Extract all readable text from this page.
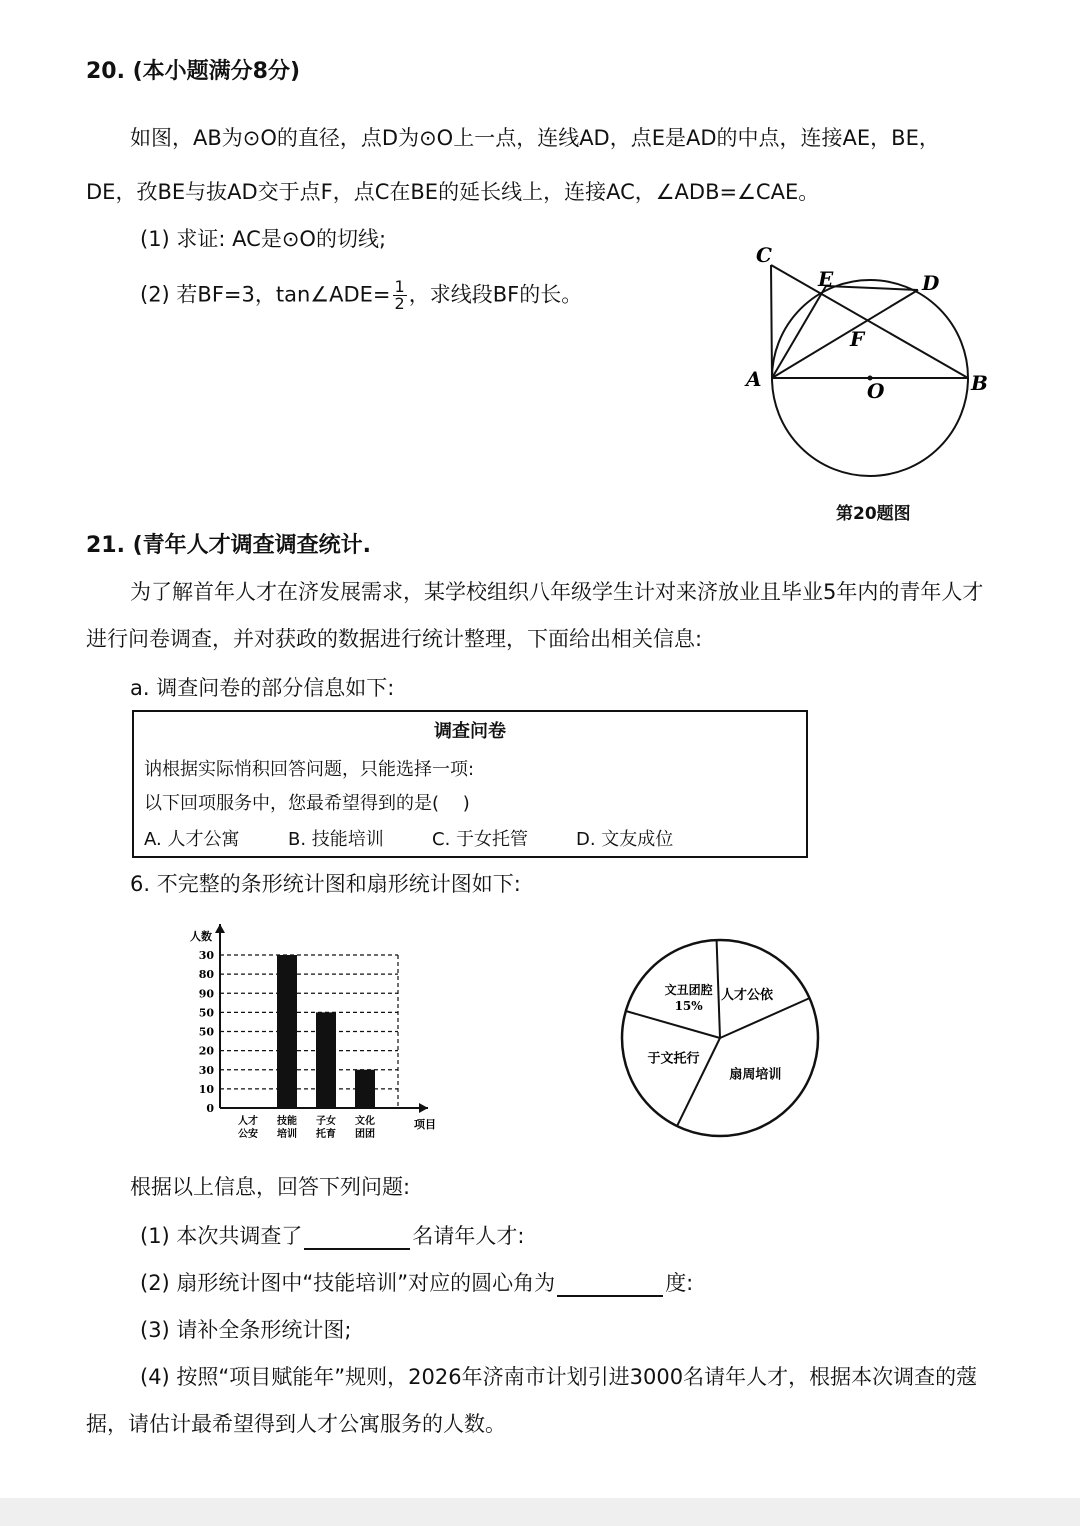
20. (本小题满分8分)
如图，AB为⊙O的直径，点D为⊙O上一点，连线AD，点E是AD的中点，连接AE，BE，
DE，孜BE与抜AD交于点F，点C在BE的延长线上，连接AC，∠ADB=∠CAE。
(1) 求证: AC是⊙O的切线;
(2) 若BF=3，tan∠ADE= $\frac{1}{2}$ ，求线段BF的长。
C
E	D
F
A	O	B
第20题图
21. (青年人才调查调查统计.
为了解首年人才在济发展需求，某学校组织八年级学生计对来济放业且毕业5年内的青年人才
进行问卷调查，并对获政的数据进行统计整理，下面给出相关信息:
a. 调查问卷的部分信息如下:
调查问卷
讷根据实际悄积回答问题，只能选择一项:
以下回项服务中，您最希望得到的是(　 )
A. 人才公寓	B. 技能培训	C. 于女托管	D. 文友成位
6. 不完整的条形统计图和扇形统计图如下:
30
80
90
50
50
20
30
10
0
人数
项目
人才
公安
技能
培训
子女
托育
文化
团团
文丑团腔
15%
人才公依
扇周培训
于文托行
根据以上信息，回答下列问题:
(1) 本次共调查了	名请年人才:
(2) 扇形统计图中“技能培训”对应的圆心角为	度:
(3) 请补全条形统计图;
(4) 按照“项目赋能年”规则，2026年济南市计划引进3000名请年人才，根据本次调查的蔻
据，请估计最希望得到人才公寓服务的人数。
